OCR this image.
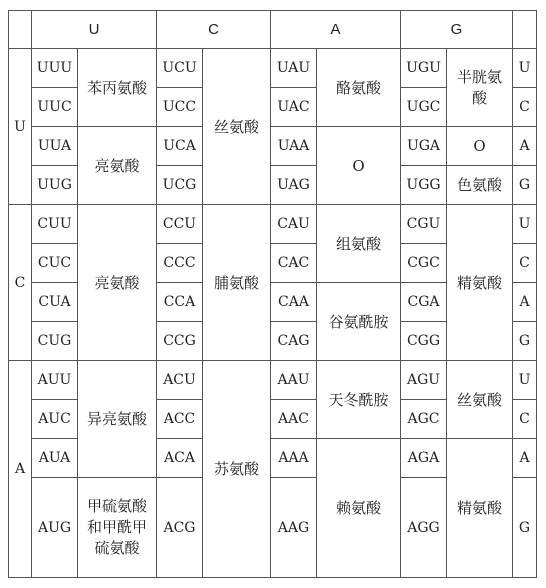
	U		C		A		G		
U	UUU	苯丙氨酸	UCU	丝氨酸	UAU	酪氨酸	UGU	半胱氨酸	U
	UUC		UCC		UAC		UGC		C
	UUA	亮氨酸	UCA		UAA	O	UGA	O	A
	UUG		UCG		UAG		UGG	色氨酸	G
C	CUU	亮氨酸	CCU	脯氨酸	CAU	组氨酸	CGU	精氨酸	U
	CUC		CCC		CAC		CGC		C
	CUA		CCA		CAA	谷氨酰胺	CGA		A
	CUG		CCG		CAG		CGG		G
A	AUU	异亮氨酸	ACU	苏氨酸	AAU	天冬酰胺	AGU	丝氨酸	U
	AUC		ACC		AAC		AGC		C
	AUA		ACA		AAA	赖氨酸	AGA	精氨酸	A
	AUG	甲硫氨酸和甲酰甲硫氨酸	ACG		AAG		AGG		G
